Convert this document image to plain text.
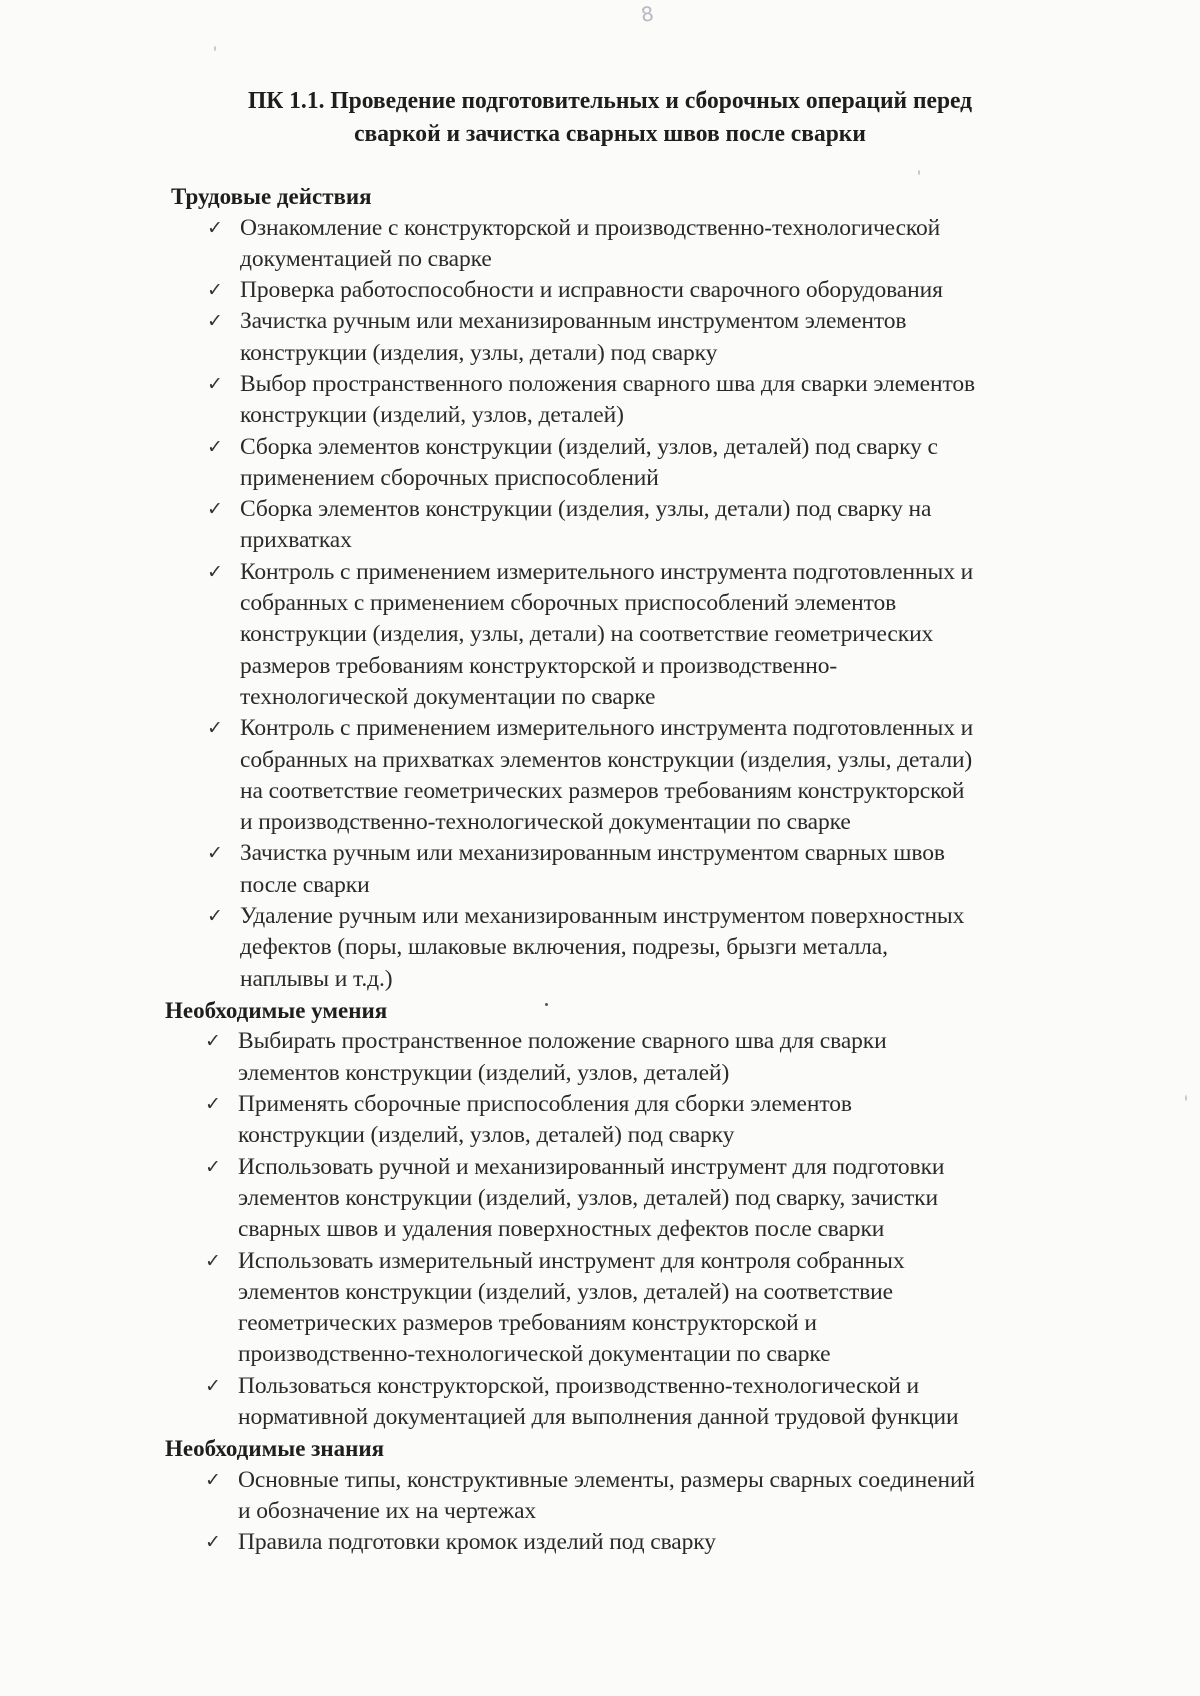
8
ПК 1.1. Проведение подготовительных и сборочных операций перед
сваркой и зачистка сварных швов после сварки
Трудовые действия
✓ Ознакомление с конструкторской и производственно-технологической
документацией по сварке
✓ Проверка работоспособности и исправности сварочного оборудования
✓ Зачистка ручным или механизированным инструментом элементов
конструкции (изделия, узлы, детали) под сварку
✓ Выбор пространственного положения сварного шва для сварки элементов
конструкции (изделий, узлов, деталей)
✓ Сборка элементов конструкции (изделий, узлов, деталей) под сварку с
применением сборочных приспособлений
✓ Сборка элементов конструкции (изделия, узлы, детали) под сварку на
прихватках
✓ Контроль с применением измерительного инструмента подготовленных и
собранных с применением сборочных приспособлений элементов
конструкции (изделия, узлы, детали) на соответствие геометрических
размеров требованиям конструкторской и производственно-
технологической документации по сварке
✓ Контроль с применением измерительного инструмента подготовленных и
собранных на прихватках элементов конструкции (изделия, узлы, детали)
на соответствие геометрических размеров требованиям конструкторской
и производственно-технологической документации по сварке
✓ Зачистка ручным или механизированным инструментом сварных швов
после сварки
✓ Удаление ручным или механизированным инструментом поверхностных
дефектов (поры, шлаковые включения, подрезы, брызги металла,
наплывы и т.д.)
Необходимые умения
✓ Выбирать пространственное положение сварного шва для сварки
элементов конструкции (изделий, узлов, деталей)
✓ Применять сборочные приспособления для сборки элементов
конструкции (изделий, узлов, деталей) под сварку
✓ Использовать ручной и механизированный инструмент для подготовки
элементов конструкции (изделий, узлов, деталей) под сварку, зачистки
сварных швов и удаления поверхностных дефектов после сварки
✓ Использовать измерительный инструмент для контроля собранных
элементов конструкции (изделий, узлов, деталей) на соответствие
геометрических размеров требованиям конструкторской и
производственно-технологической документации по сварке
✓ Пользоваться конструкторской, производственно-технологической и
нормативной документацией для выполнения данной трудовой функции
Необходимые знания
✓ Основные типы, конструктивные элементы, размеры сварных соединений
и обозначение их на чертежах
✓ Правила подготовки кромок изделий под сварку
